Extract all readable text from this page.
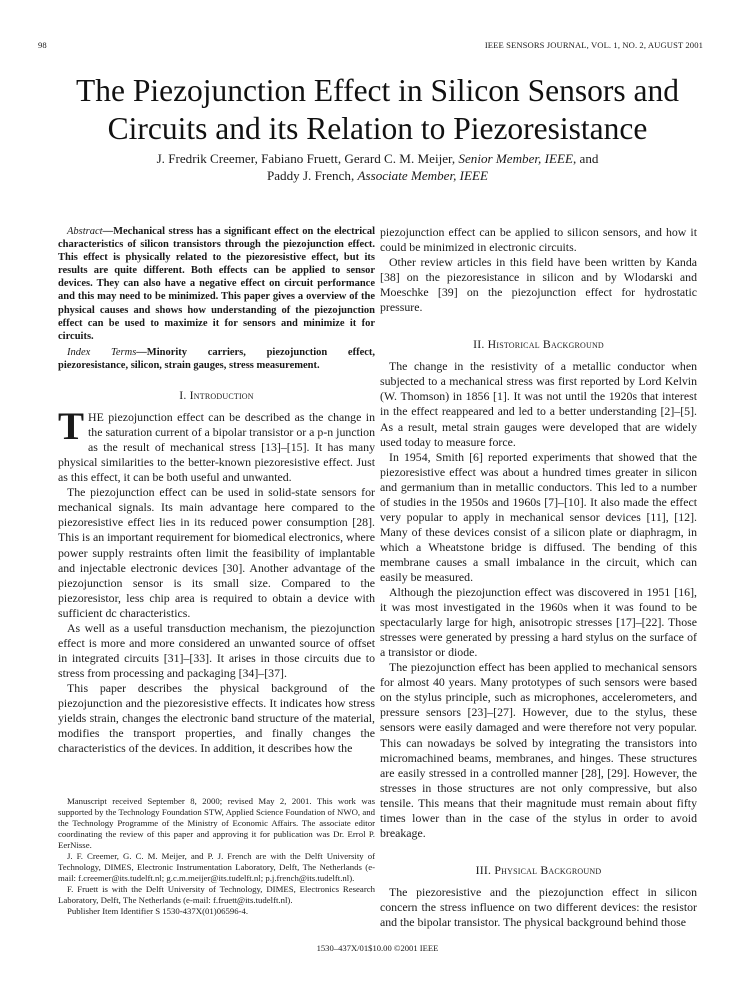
98	IEEE SENSORS JOURNAL, VOL. 1, NO. 2, AUGUST 2001
The Piezojunction Effect in Silicon Sensors and
Circuits and its Relation to Piezoresistance
J. Fredrik Creemer, Fabiano Fruett, Gerard C. M. Meijer, Senior Member, IEEE, and
Paddy J. French, Associate Member, IEEE

Abstract—Mechanical stress has a significant effect on the electrical characteristics of silicon transistors through the piezojunction effect. This effect is physically related to the piezoresistive effect, but its results are quite different. Both effects can be applied to sensor devices. They can also have a negative effect on circuit performance and this may need to be minimized. This paper gives a overview of the physical causes and shows how understanding of the piezojunction effect can be used to maximize it for sensors and minimize it for circuits.

Index Terms—Minority carriers, piezojunction effect, piezoresistance, silicon, strain gauges, stress measurement.

I. Introduction

THE piezojunction effect can be described as the change in the saturation current of a bipolar transistor or a p-n junction as the result of mechanical stress [13]–[15]. It has many physical similarities to the better-known piezoresistive effect. Just as this effect, it can be both useful and unwanted.

The piezojunction effect can be used in solid-state sensors for mechanical signals. Its main advantage here compared to the piezoresistive effect lies in its reduced power consumption [28]. This is an important requirement for biomedical electronics, where power supply restraints often limit the feasibility of implantable and injectable electronic devices [30]. Another advantage of the piezojunction sensor is its small size. Compared to the piezoresistor, less chip area is required to obtain a device with sufficient dc characteristics.

As well as a useful transduction mechanism, the piezojunction effect is more and more considered an unwanted source of offset in integrated circuits [31]–[33]. It arises in those circuits due to stress from processing and packaging [34]–[37].

This paper describes the physical background of the piezojunction and the piezoresistive effects. It indicates how stress yields strain, changes the electronic band structure of the material, modifies the transport properties, and finally changes the characteristics of the devices. In addition, it describes how the

Manuscript received September 8, 2000; revised May 2, 2001. This work was supported by the Technology Foundation STW, Applied Science Foundation of NWO, and the Technology Programme of the Ministry of Economic Affairs. The associate editor coordinating the review of this paper and approving it for publication was Dr. Errol P. EerNisse.

J. F. Creemer, G. C. M. Meijer, and P. J. French are with the Delft University of Technology, DIMES, Electronic Instrumentation Laboratory, Delft, The Netherlands (e-mail: f.creemer@its.tudelft.nl; g.c.m.meijer@its.tudelft.nl; p.j.french@its.tudelft.nl).

F. Fruett is with the Delft University of Technology, DIMES, Electronics Research Laboratory, Delft, The Netherlands (e-mail: f.fruett@its.tudelft.nl).

Publisher Item Identifier S 1530-437X(01)06596-4.

piezojunction effect can be applied to silicon sensors, and how it could be minimized in electronic circuits.

Other review articles in this field have been written by Kanda [38] on the piezoresistance in silicon and by Wlodarski and Moeschke [39] on the piezojunction effect for hydrostatic pressure.

II. Historical Background

The change in the resistivity of a metallic conductor when subjected to a mechanical stress was first reported by Lord Kelvin (W. Thomson) in 1856 [1]. It was not until the 1920s that interest in the effect reappeared and led to a better understanding [2]–[5]. As a result, metal strain gauges were developed that are widely used today to measure force.

In 1954, Smith [6] reported experiments that showed that the piezoresistive effect was about a hundred times greater in silicon and germanium than in metallic conductors. This led to a number of studies in the 1950s and 1960s [7]–[10]. It also made the effect very popular to apply in mechanical sensor devices [11], [12]. Many of these devices consist of a silicon plate or diaphragm, in which a Wheatstone bridge is diffused. The bending of this membrane causes a small imbalance in the circuit, which can easily be measured.

Although the piezojunction effect was discovered in 1951 [16], it was most investigated in the 1960s when it was found to be spectacularly large for high, anisotropic stresses [17]–[22]. Those stresses were generated by pressing a hard stylus on the surface of a transistor or diode.

The piezojunction effect has been applied to mechanical sensors for almost 40 years. Many prototypes of such sensors were based on the stylus principle, such as microphones, accelerometers, and pressure sensors [23]–[27]. However, due to the stylus, these sensors were easily damaged and were therefore not very popular. This can nowadays be solved by integrating the transistors into micromachined beams, membranes, and hinges. These structures are easily stressed in a controlled manner [28], [29]. However, the stresses in those structures are not only compressive, but also tensile. This means that their magnitude must remain about fifty times lower than in the case of the stylus in order to avoid breakage.

III. Physical Background

The piezoresistive and the piezojunction effect in silicon concern the stress influence on two different devices: the resistor and the bipolar transistor. The physical background behind those

1530–437X/01$10.00 ©2001 IEEE
